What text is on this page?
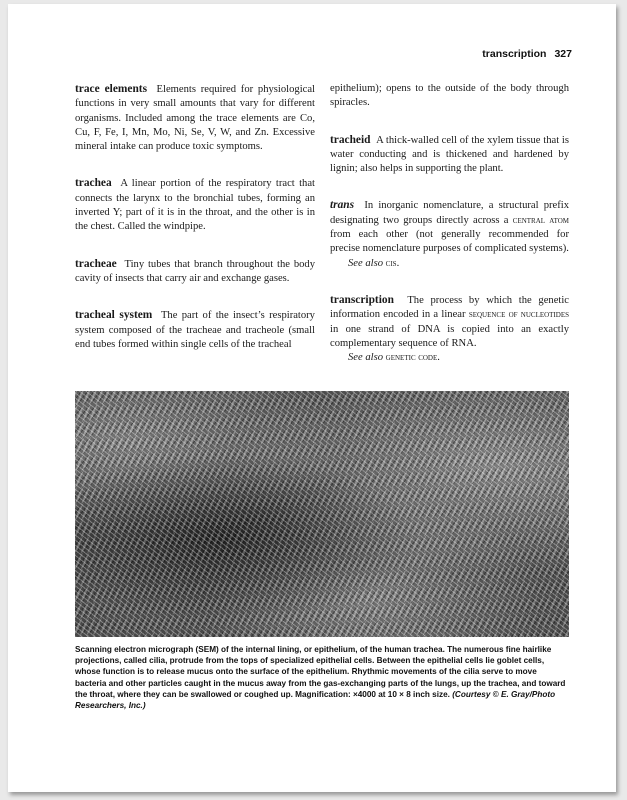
transcription 327

trace elements Elements required for physiological functions in very small amounts that vary for different organisms. Included among the trace elements are Co, Cu, F, Fe, I, Mn, Mo, Ni, Se, V, W, and Zn. Excessive mineral intake can produce toxic symptoms.

trachea A linear portion of the respiratory tract that connects the larynx to the bronchial tubes, forming an inverted Y; part of it is in the throat, and the other is in the chest. Called the windpipe.

tracheae Tiny tubes that branch throughout the body cavity of insects that carry air and exchange gases.

tracheal system The part of the insect’s respiratory system composed of the tracheae and tracheole (small end tubes formed within single cells of the tracheal

epithelium); opens to the outside of the body through spiracles.

tracheid A thick-walled cell of the xylem tissue that is water conducting and is thickened and hardened by lignin; also helps in supporting the plant.

trans In inorganic nomenclature, a structural prefix designating two groups directly across a central atom from each other (not generally recommended for precise nomenclature purposes of complicated systems).
See also cis.

transcription The process by which the genetic information encoded in a linear sequence of nucleotides in one strand of DNA is copied into an exactly complementary sequence of RNA.
See also genetic code.

Scanning electron micrograph (SEM) of the internal lining, or epithelium, of the human trachea. The numerous fine hairlike projections, called cilia, protrude from the tops of specialized epithelial cells. Between the epithelial cells lie goblet cells, whose function is to release mucus onto the surface of the epithelium. Rhythmic movements of the cilia serve to move bacteria and other particles caught in the mucus away from the gas-exchanging parts of the lungs, up the trachea, and toward the throat, where they can be swallowed or coughed up. Magnification: ×4000 at 10 × 8 inch size. (Courtesy © E. Gray/Photo Researchers, Inc.)
